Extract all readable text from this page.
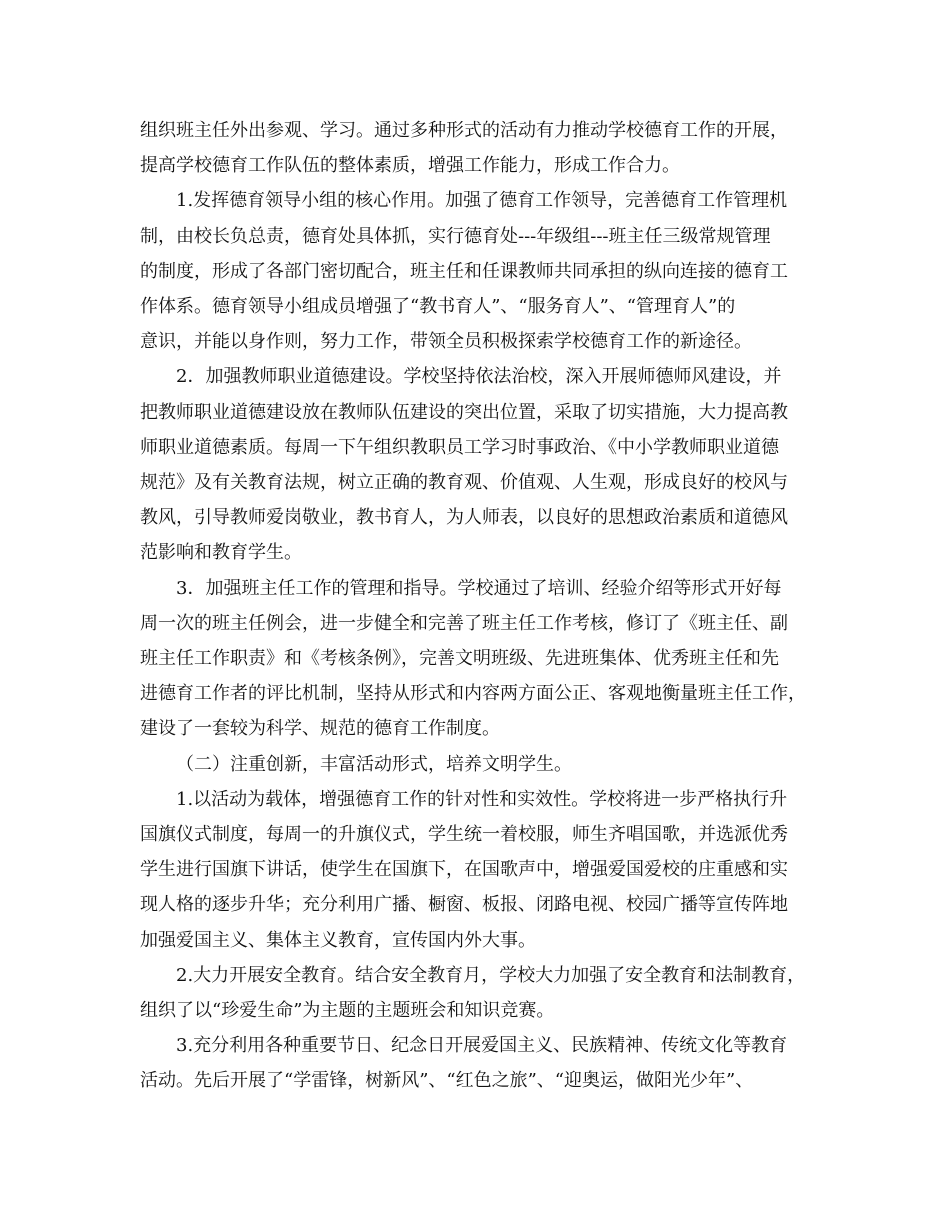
组织班主任外出参观、学习。通过多种形式的活动有力推动学校德育工作的开展，
提高学校德育工作队伍的整体素质，增强工作能力，形成工作合力。
1.发挥德育领导小组的核心作用。加强了德育工作领导，完善德育工作管理机
制，由校长负总责，德育处具体抓，实行德育处---年级组---班主任三级常规管理
的制度，形成了各部门密切配合，班主任和任课教师共同承担的纵向连接的德育工
作体系。德育领导小组成员增强了“教书育人”、“服务育人”、“管理育人”的
意识，并能以身作则，努力工作，带领全员积极探索学校德育工作的新途径。
2．加强教师职业道德建设。学校坚持依法治校，深入开展师德师风建设，并
把教师职业道德建设放在教师队伍建设的突出位置，采取了切实措施，大力提高教
师职业道德素质。每周一下午组织教职员工学习时事政治、《中小学教师职业道德
规范》及有关教育法规，树立正确的教育观、价值观、人生观，形成良好的校风与
教风，引导教师爱岗敬业，教书育人，为人师表，以良好的思想政治素质和道德风
范影响和教育学生。
3．加强班主任工作的管理和指导。学校通过了培训、经验介绍等形式开好每
周一次的班主任例会，进一步健全和完善了班主任工作考核，修订了《班主任、副
班主任工作职责》和《考核条例》，完善文明班级、先进班集体、优秀班主任和先
进德育工作者的评比机制，坚持从形式和内容两方面公正、客观地衡量班主任工作，
建设了一套较为科学、规范的德育工作制度。
（二）注重创新，丰富活动形式，培养文明学生。
1.以活动为载体，增强德育工作的针对性和实效性。学校将进一步严格执行升
国旗仪式制度，每周一的升旗仪式，学生统一着校服，师生齐唱国歌，并选派优秀
学生进行国旗下讲话，使学生在国旗下，在国歌声中，增强爱国爱校的庄重感和实
现人格的逐步升华；充分利用广播、橱窗、板报、闭路电视、校园广播等宣传阵地
加强爱国主义、集体主义教育，宣传国内外大事。
2.大力开展安全教育。结合安全教育月，学校大力加强了安全教育和法制教育，
组织了以“珍爱生命”为主题的主题班会和知识竞赛。
3.充分利用各种重要节日、纪念日开展爱国主义、民族精神、传统文化等教育
活动。先后开展了“学雷锋，树新风”、“红色之旅”、“迎奥运，做阳光少年”、
